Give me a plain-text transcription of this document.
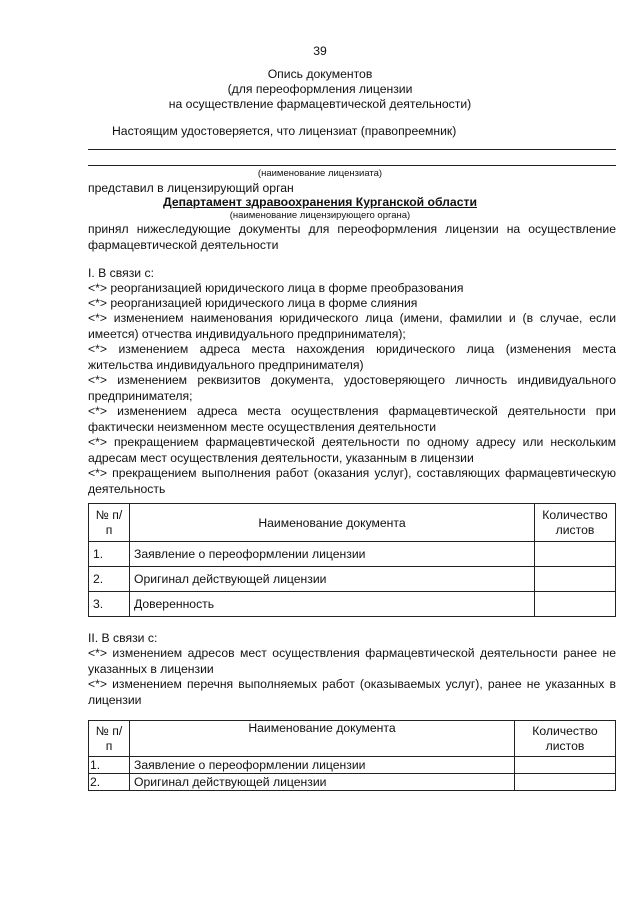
39
Опись документов
(для переоформления лицензии
на осуществление фармацевтической деятельности)
Настоящим удостоверяется, что лицензиат (правопреемник)
(наименование лицензиата)
представил в лицензирующий орган
Департамент здравоохранения Курганской области
(наименование лицензирующего органа)
принял нижеследующие документы для переоформления лицензии на осуществление фармацевтической деятельности
I. В связи с:
<*> реорганизацией юридического лица в форме преобразования
<*> реорганизацией юридического лица в форме слияния
<*> изменением наименования юридического лица (имени, фамилии и (в случае, если имеется) отчества индивидуального предпринимателя);
<*> изменением адреса места нахождения юридического лица (изменения места жительства индивидуального предпринимателя)
<*> изменением реквизитов документа, удостоверяющего личность индивидуального предпринимателя;
<*> изменением адреса места осуществления фармацевтической деятельности при фактически неизменном месте осуществления деятельности
<*> прекращением фармацевтической деятельности по одному адресу или нескольким адресам мест осуществления деятельности, указанным в лицензии
<*> прекращением выполнения работ (оказания услуг), составляющих фармацевтическую деятельность
№ п/п	Наименование документа	Количество листов
1.	Заявление о переоформлении лицензии	
2.	Оригинал действующей лицензии	
3.	Доверенность	
II. В связи с:
<*> изменением адресов мест осуществления фармацевтической деятельности ранее не указанных в лицензии
<*> изменением перечня выполняемых работ (оказываемых услуг), ранее не указанных в лицензии
№ п/п	Наименование документа	Количество листов
1.	Заявление о переоформлении лицензии	
2.	Оригинал действующей лицензии	
